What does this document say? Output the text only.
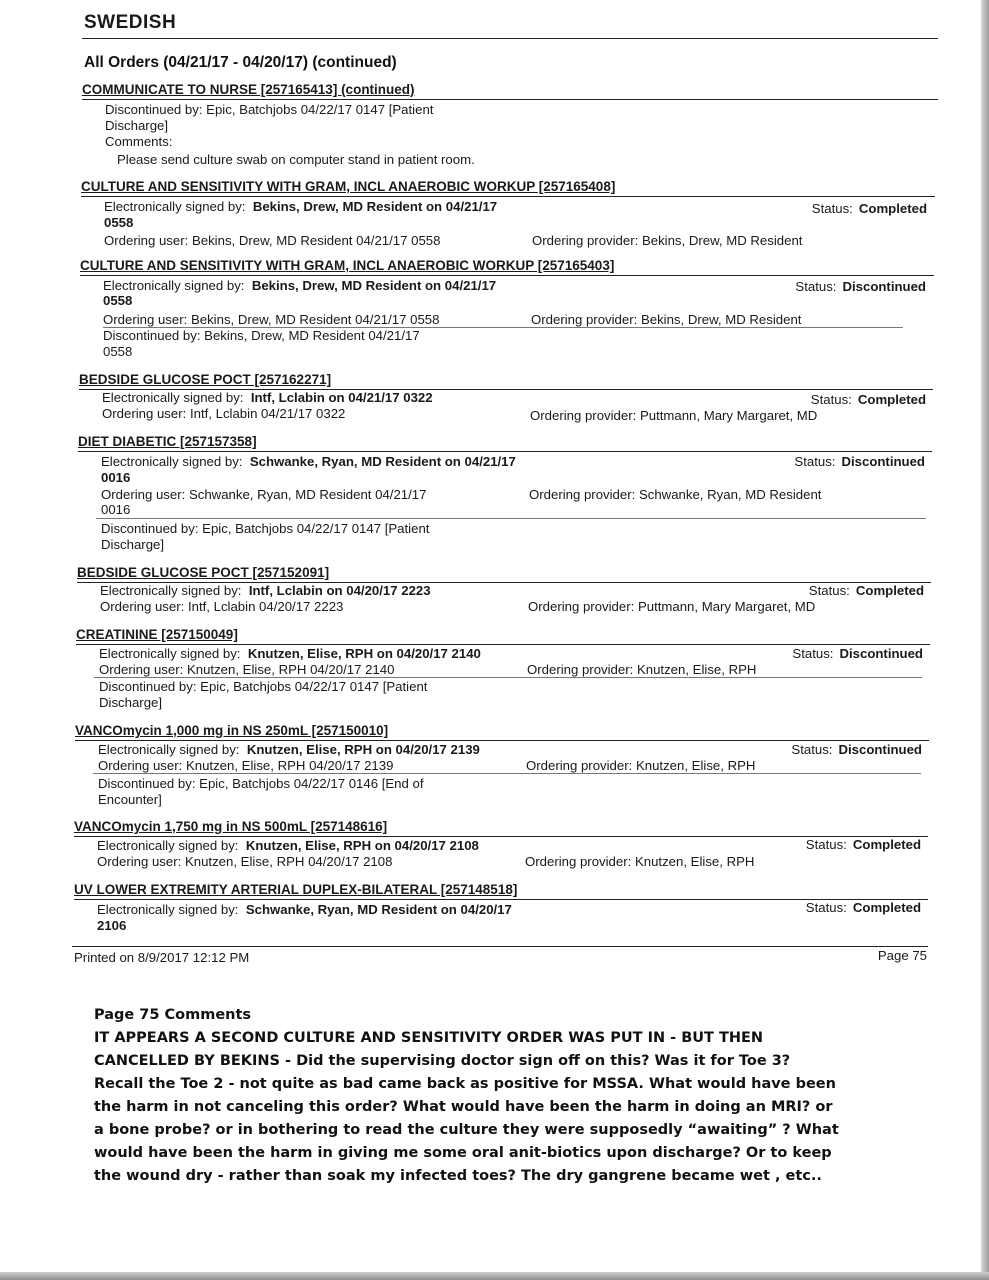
SWEDISH
All Orders (04/21/17 - 04/20/17) (continued)
COMMUNICATE TO NURSE [257165413] (continued)
Discontinued by: Epic, Batchjobs 04/22/17 0147 [Patient
Discharge]
Comments:
Please send culture swab on computer stand in patient room.
CULTURE AND SENSITIVITY WITH GRAM, INCL ANAEROBIC WORKUP [257165408]
Electronically signed by: Bekins, Drew, MD Resident on 04/21/17
0558
Status: Completed
Ordering user: Bekins, Drew, MD Resident 04/21/17 0558	Ordering provider: Bekins, Drew, MD Resident
CULTURE AND SENSITIVITY WITH GRAM, INCL ANAEROBIC WORKUP [257165403]
Electronically signed by: Bekins, Drew, MD Resident on 04/21/17
0558
Status: Discontinued
Ordering user: Bekins, Drew, MD Resident 04/21/17 0558	Ordering provider: Bekins, Drew, MD Resident
Discontinued by: Bekins, Drew, MD Resident 04/21/17
0558
BEDSIDE GLUCOSE POCT [257162271]
Electronically signed by: Intf, Lclabin on 04/21/17 0322	Status: Completed
Ordering user: Intf, Lclabin 04/21/17 0322	Ordering provider: Puttmann, Mary Margaret, MD
DIET DIABETIC [257157358]
Electronically signed by: Schwanke, Ryan, MD Resident on 04/21/17
0016
Status: Discontinued
Ordering user: Schwanke, Ryan, MD Resident 04/21/17
0016
Ordering provider: Schwanke, Ryan, MD Resident
Discontinued by: Epic, Batchjobs 04/22/17 0147 [Patient
Discharge]
BEDSIDE GLUCOSE POCT [257152091]
Electronically signed by: Intf, Lclabin on 04/20/17 2223	Status: Completed
Ordering user: Intf, Lclabin 04/20/17 2223	Ordering provider: Puttmann, Mary Margaret, MD
CREATININE [257150049]
Electronically signed by: Knutzen, Elise, RPH on 04/20/17 2140	Status: Discontinued
Ordering user: Knutzen, Elise, RPH 04/20/17 2140	Ordering provider: Knutzen, Elise, RPH
Discontinued by: Epic, Batchjobs 04/22/17 0147 [Patient
Discharge]
VANCOmycin 1,000 mg in NS 250mL [257150010]
Electronically signed by: Knutzen, Elise, RPH on 04/20/17 2139	Status: Discontinued
Ordering user: Knutzen, Elise, RPH 04/20/17 2139	Ordering provider: Knutzen, Elise, RPH
Discontinued by: Epic, Batchjobs 04/22/17 0146 [End of
Encounter]
VANCOmycin 1,750 mg in NS 500mL [257148616]
Electronically signed by: Knutzen, Elise, RPH on 04/20/17 2108	Status: Completed
Ordering user: Knutzen, Elise, RPH 04/20/17 2108	Ordering provider: Knutzen, Elise, RPH
UV LOWER EXTREMITY ARTERIAL DUPLEX-BILATERAL [257148518]
Electronically signed by: Schwanke, Ryan, MD Resident on 04/20/17
2106
Status: Completed
Printed on 8/9/2017 12:12 PM	Page 75
Page 75 Comments
IT APPEARS A SECOND CULTURE AND SENSITIVITY ORDER WAS PUT IN - BUT THEN
CANCELLED BY BEKINS - Did the supervising doctor sign off on this? Was it for Toe 3?
Recall the Toe 2 - not quite as bad came back as positive for MSSA. What would have been
the harm in not canceling this order? What would have been the harm in doing an MRI? or
a bone probe? or in bothering to read the culture they were supposedly “awaiting” ? What
would have been the harm in giving me some oral anit-biotics upon discharge? Or to keep
the wound dry - rather than soak my infected toes? The dry gangrene became wet , etc..
